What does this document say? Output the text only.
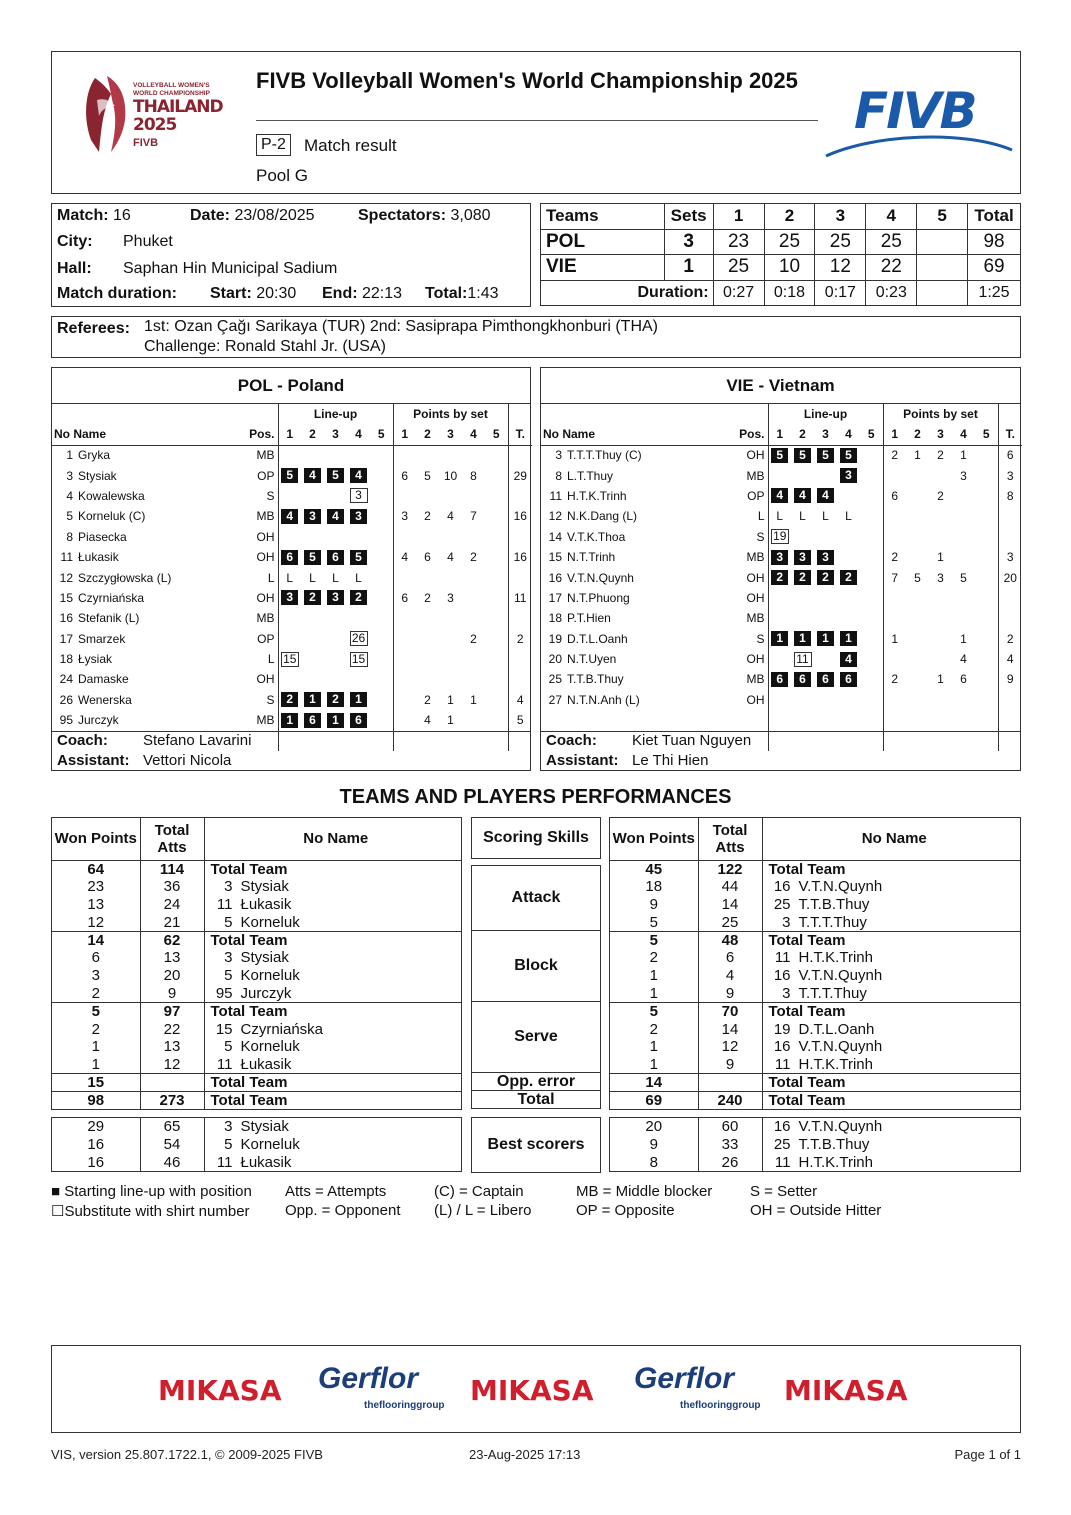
VOLLEYBALL WOMEN'S
WORLD CHAMPIONSHIP
THAILAND
2025
FIVB
FIVB Volleyball Women's World Championship 2025
P-2 Match result
Pool G
FIVB
Match: 16	Date: 23/08/2025	Spectators: 3,080
City: Phuket
Hall: Saphan Hin Municipal Sadium
Match duration: Start: 20:30 End: 22:13 Total:1:43
Teams	Sets	1	2	3	4	5	Total
POL	3	23	25	25	25		98
VIE	1	25	10	12	22		69
Duration:		0:27	0:18	0:17	0:23		1:25
Referees: 1st: Ozan Çağı Sarikaya (TUR) 2nd: Sasiprapa Pimthongkhonburi (THA)
Challenge: Ronald Stahl Jr. (USA)
POL - Poland
			Line-up					Points by set					
No Name		Pos.	1	2	3	4	5	1	2	3	4	5	T.
1	Gryka	MB											
3	Stysiak	OP	5	4	5	4		6	5	10	8		29
4	Kowalewska	S				3							
5	Korneluk (C)	MB	4	3	4	3		3	2	4	7		16
8	Piasecka	OH											
11	Łukasik	OH	6	5	6	5		4	6	4	2		16
12	Szczygłowska (L)	L	L	L	L	L							
15	Czyrniańska	OH	3	2	3	2		6	2	3			11
16	Stefanik (L)	MB											
17	Smarzek	OP				26					2		2
18	Łysiak	L	15			15							
24	Damaske	OH											
26	Wenerska	S	2	1	2	1			2	1	1		4
95	Jurczyk	MB	1	6	1	6			4	1			5

Coach: Stefano Lavarini
Assistant: Vettori Nicola
VIE - Vietnam
			Line-up					Points by set					
No Name		Pos.	1	2	3	4	5	1	2	3	4	5	T.
3	T.T.T.Thuy (C)	OH	5	5	5	5		2	1	2	1		6
8	L.T.Thuy	MB				3					3		3
11	H.T.K.Trinh	OP	4	4	4			6		2			8
12	N.K.Dang (L)	L	L	L	L	L							
14	V.T.K.Thoa	S	19										
15	N.T.Trinh	MB	3	3	3			2		1			3
16	V.T.N.Quynh	OH	2	2	2	2		7	5	3	5		20
17	N.T.Phuong	OH											
18	P.T.Hien	MB											
19	D.T.L.Oanh	S	1	1	1	1		1			1		2
20	N.T.Uyen	OH		11		4					4		4
25	T.T.B.Thuy	MB	6	6	6	6		2		1	6		9
27	N.T.N.Anh (L)	OH											

Coach: Kiet Tuan Nguyen
Assistant: Le Thi Hien
TEAMS AND PLAYERS PERFORMANCES
Won Points	Total Atts	No Name
64	114	Total Team
23	36	3 Stysiak
13	24	11 Łukasik
12	21	5 Korneluk
14	62	Total Team
6	13	3 Stysiak
3	20	5 Korneluk
2	9	95 Jurczyk
5	97	Total Team
2	22	15 Czyrniańska
1	13	5 Korneluk
1	12	11 Łukasik
15		Total Team
98	273	Total Team
29	65	3 Stysiak
16	54	5 Korneluk
16	46	11 Łukasik
Scoring Skills
Attack
Block
Serve
Opp. error
Total
Best scorers
Won Points	Total Atts	No Name
45	122	Total Team
18	44	16 V.T.N.Quynh
9	14	25 T.T.B.Thuy
5	25	3 T.T.T.Thuy
5	48	Total Team
2	6	11 H.T.K.Trinh
1	4	16 V.T.N.Quynh
1	9	3 T.T.T.Thuy
5	70	Total Team
2	14	19 D.T.L.Oanh
1	12	16 V.T.N.Quynh
1	9	11 H.T.K.Trinh
14		Total Team
69	240	Total Team
20	60	16 V.T.N.Quynh
9	33	25 T.T.B.Thuy
8	26	11 H.T.K.Trinh
■ Starting line-up with position
☐Substitute with shirt number
Atts = Attempts
Opp. = Opponent
(C) = Captain
(L) / L = Libero
MB = Middle blocker
OP = Opposite
S = Setter
OH = Outside Hitter
MIKASA Gerflor
theflooringgroup MIKASA Gerflor
theflooringgroup MIKASA
VIS, version 25.807.1722.1, © 2009-2025 FIVB	23-Aug-2025 17:13	Page 1 of 1
